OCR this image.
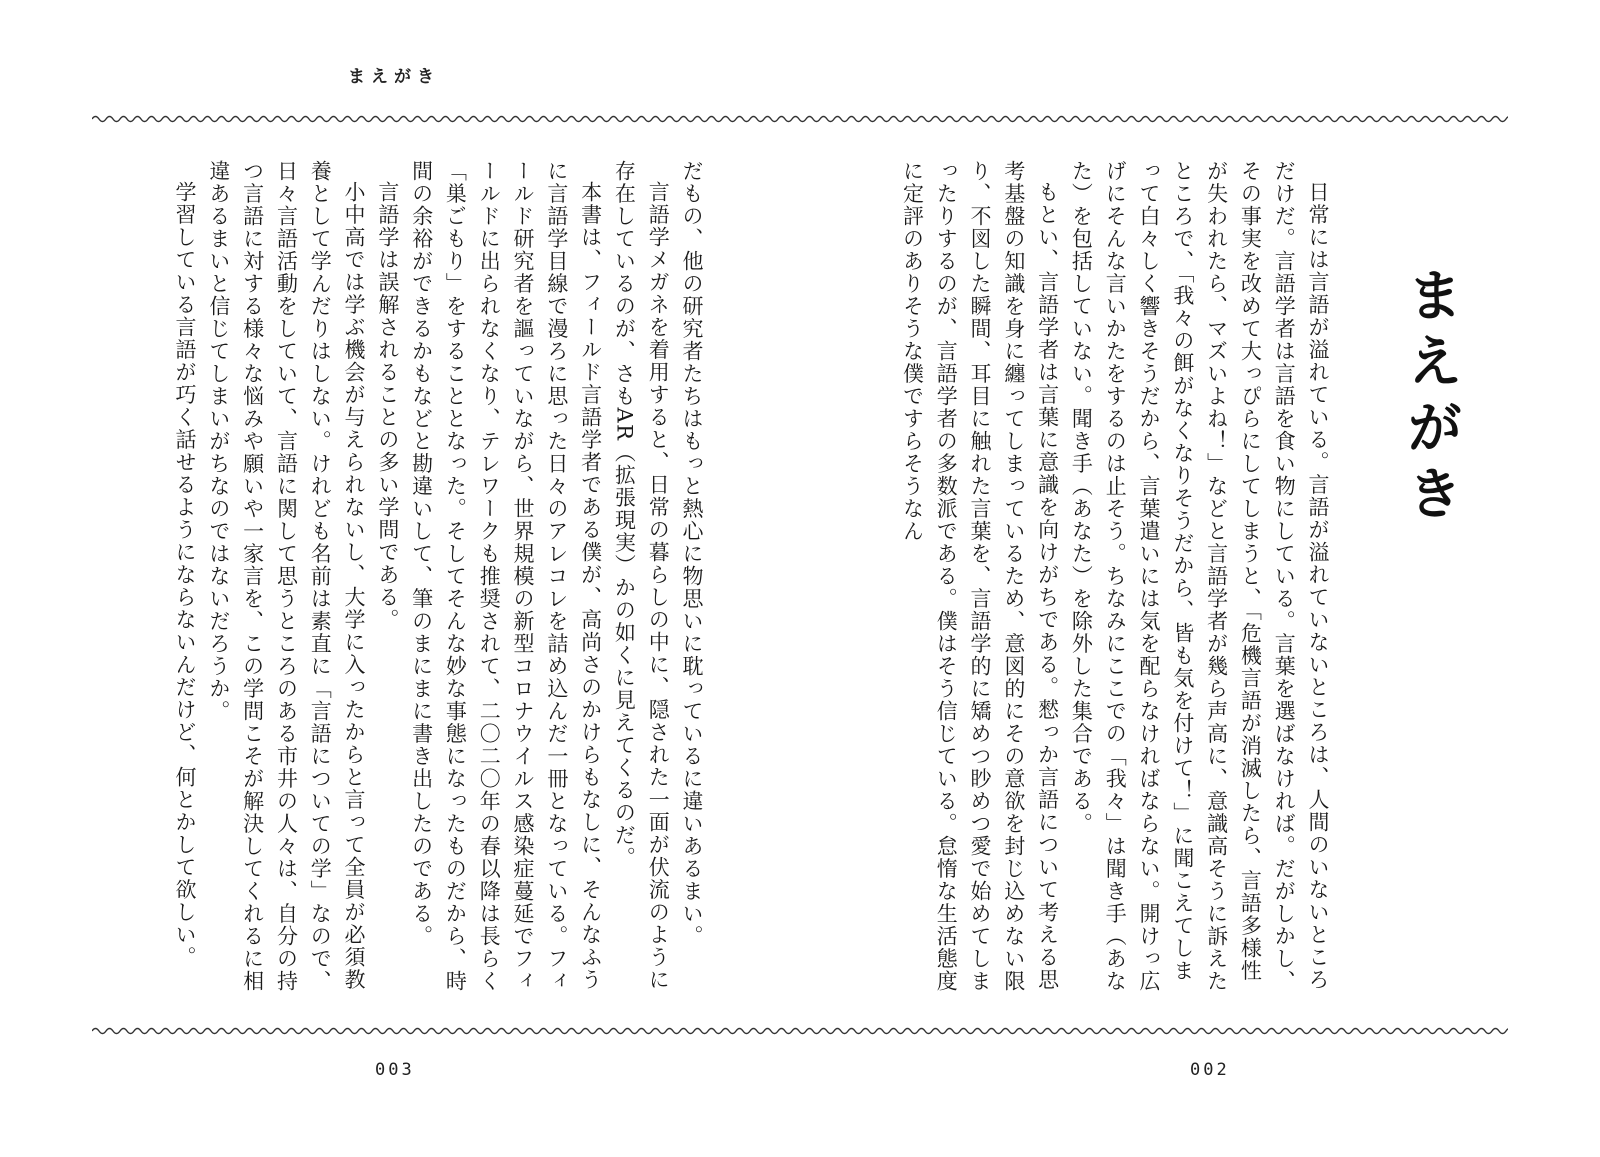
まえがき
まえがき

日常には言語が溢れている。言語が溢れていないところは、人間のいないところだけだ。言語学者は言語を食い物にしている。言葉を選ばなければ。だがしかし、その事実を改めて大っぴらにしてしまうと、「危機言語が消滅したら、言語多様性が失われたら、マズいよね！」などと言語学者が幾ら声高に、意識高そうに訴えたところで、「我々の餌がなくなりそうだから、皆も気を付けて！」に聞こえてしまって白々しく響きそうだから、言葉遣いには気を配らなければならない。開けっ広げにそんな言いかたをするのは止そう。ちなみにここでの「我々」は聞き手（あなた）を包括していない。聞き手（あなた）を除外した集合である。

もとい、言語学者は言葉に意識を向けがちである。憖っか言語について考える思考基盤の知識を身に纏ってしまっているため、意図的にその意欲を封じ込めない限り、不図した瞬間、耳目に触れた言葉を、言語学的に矯めつ眇めつ愛で始めてしまったりするのが、言語学者の多数派である。僕はそう信じている。怠惰な生活態度に定評のありそうな僕ですらそうなん

だもの、他の研究者たちはもっと熱心に物思いに耽っているに違いあるまい。

言語学メガネを着用すると、日常の暮らしの中に、隠された一面が伏流のように存在しているのが、さもAR（拡張現実）かの如くに見えてくるのだ。

本書は、フィールド言語学者である僕が、高尚さのかけらもなしに、そんなふうに言語学目線で漫ろに思った日々のアレコレを詰め込んだ一冊となっている。フィールド研究者を謳っていながら、世界規模の新型コロナウイルス感染症蔓延でフィールドに出られなくなり、テレワークも推奨されて、二〇二〇年の春以降は長らく「巣ごもり」をすることとなった。そしてそんな妙な事態になったものだから、時間の余裕ができるかもなどと勘違いして、筆のまにまに書き出したのである。

言語学は誤解されることの多い学問である。

小中高では学ぶ機会が与えられないし、大学に入ったからと言って全員が必須教養として学んだりはしない。けれども名前は素直に「言語についての学」なので、日々言語活動をしていて、言語に関して思うところのある市井の人々は、自分の持つ言語に対する様々な悩みや願いや一家言を、この学問こそが解決してくれるに相違あるまいと信じてしまいがちなのではないだろうか。

学習している言語が巧く話せるようにならないんだけど、何とかして欲しい。

003	002
